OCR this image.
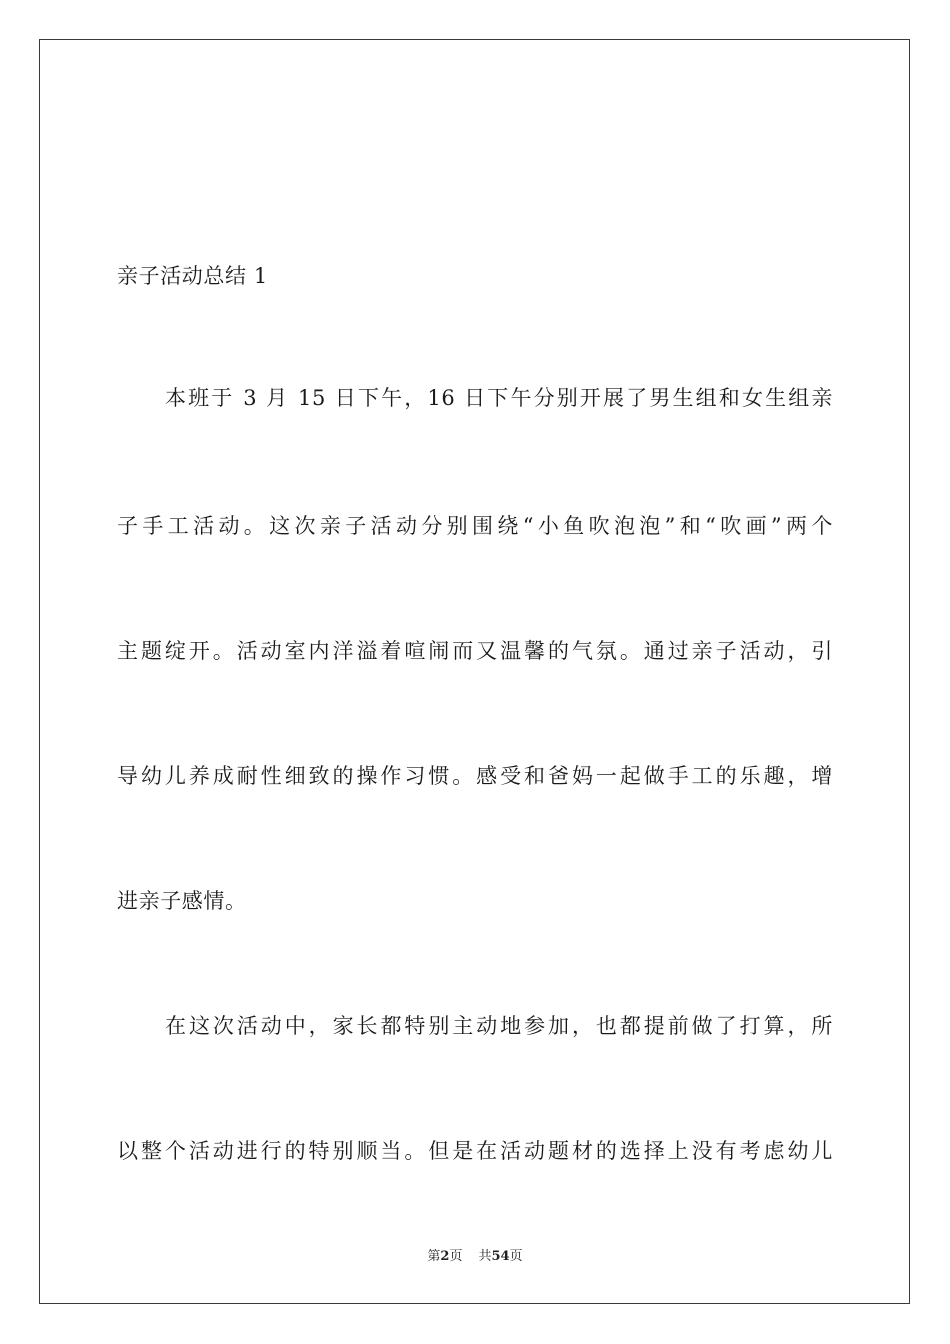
亲子活动总结 1
本班于 3 月 15 日下午，16 日下午分别开展了男生组和女生组亲
子手工活动。这次亲子活动分别围绕“小鱼吹泡泡”和“吹画”两个
主题绽开。活动室内洋溢着喧闹而又温馨的气氛。通过亲子活动，引
导幼儿养成耐性细致的操作习惯。感受和爸妈一起做手工的乐趣，增
进亲子感情。
在这次活动中，家长都特别主动地参加，也都提前做了打算，所
以整个活动进行的特别顺当。但是在活动题材的选择上没有考虑幼儿
第2页 共54页
